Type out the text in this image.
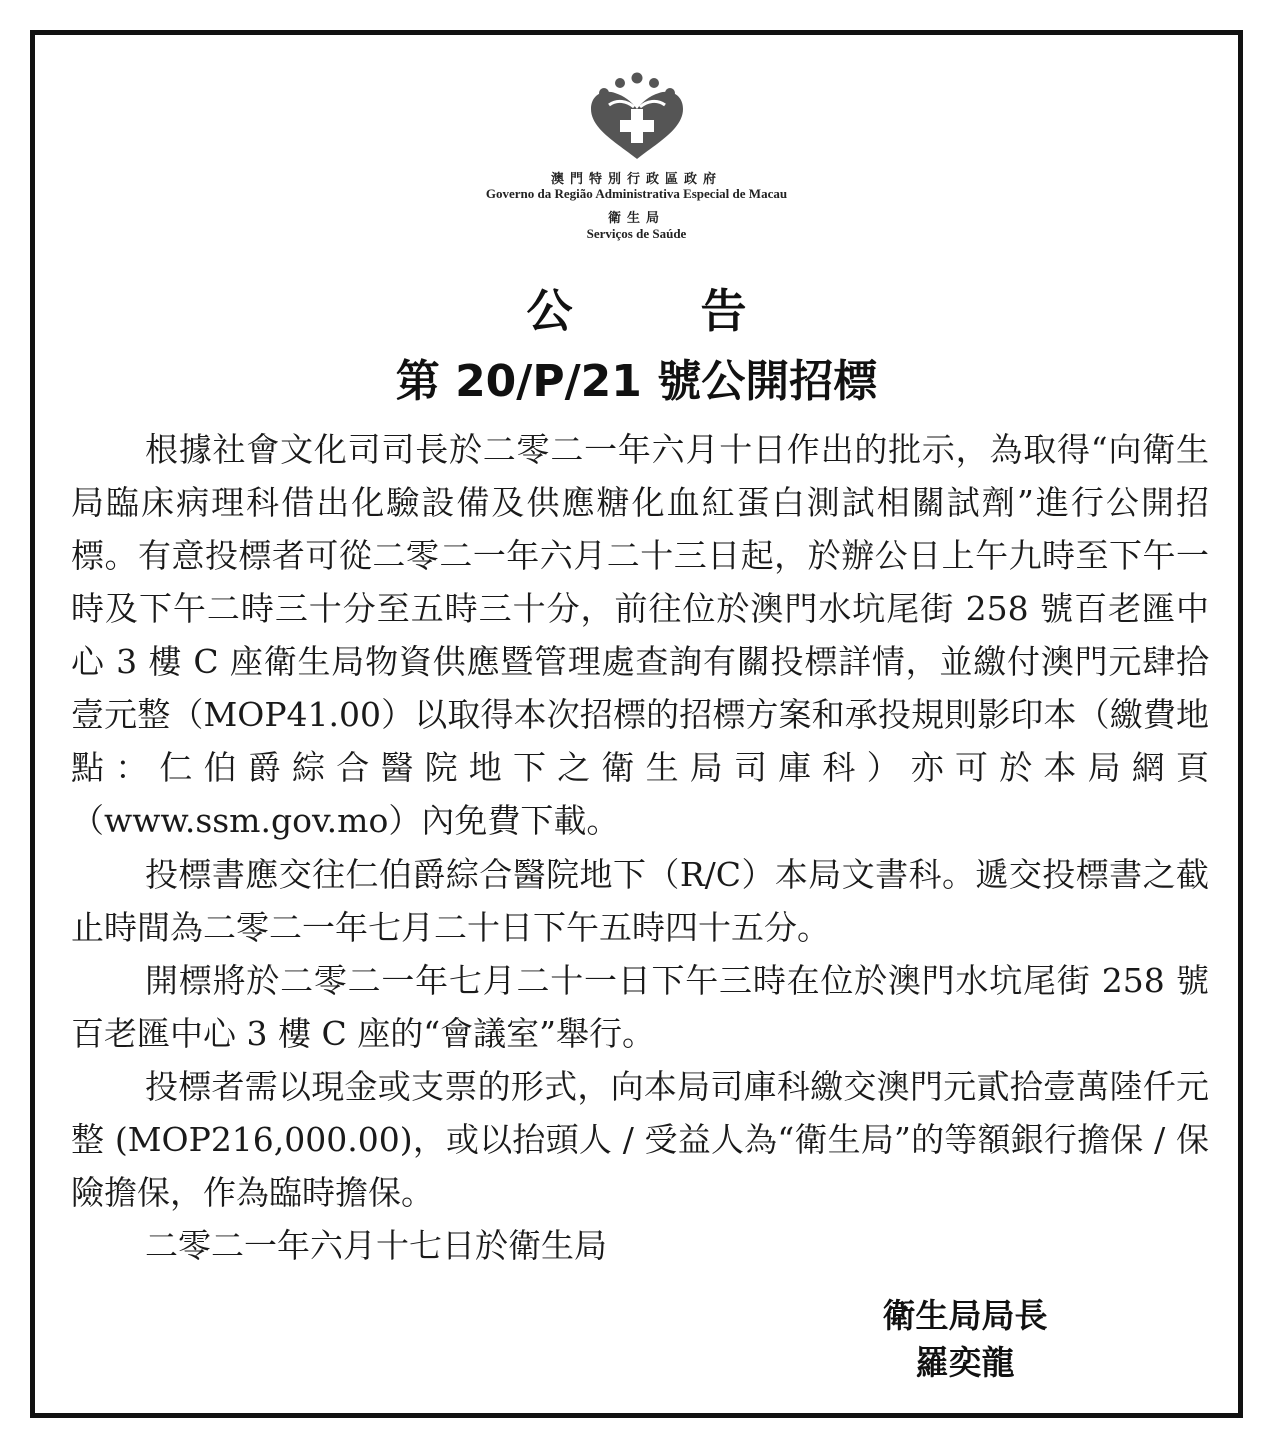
澳門特別行政區政府
Governo da Região Administrativa Especial de Macau
衛生局
Serviços de Saúde
公 告
第 20/P/21 號公開招標

根據社會文化司司長於二零二一年六月十日作出的批示，為取得“向衛生局臨床病理科借出化驗設備及供應糖化血紅蛋白測試相關試劑”進行公開招標。有意投標者可從二零二一年六月二十三日起，於辦公日上午九時至下午一時及下午二時三十分至五時三十分，前往位於澳門水坑尾街 258 號百老匯中心 3 樓 C 座衛生局物資供應暨管理處查詢有關投標詳情，並繳付澳門元肆拾壹元整（MOP41.00）以取得本次招標的招標方案和承投規則影印本（繳費地點：仁伯爵綜合醫院地下之衛生局司庫科）亦可於本局網頁（www.ssm.gov.mo）內免費下載。

投標書應交往仁伯爵綜合醫院地下（R/C）本局文書科。遞交投標書之截止時間為二零二一年七月二十日下午五時四十五分。

開標將於二零二一年七月二十一日下午三時在位於澳門水坑尾街 258 號百老匯中心 3 樓 C 座的“會議室”舉行。

投標者需以現金或支票的形式，向本局司庫科繳交澳門元貳拾壹萬陸仟元整 (MOP216,000.00)，或以抬頭人 / 受益人為“衛生局”的等額銀行擔保 / 保險擔保，作為臨時擔保。

二零二一年六月十七日於衛生局

衛生局局長
羅奕龍
